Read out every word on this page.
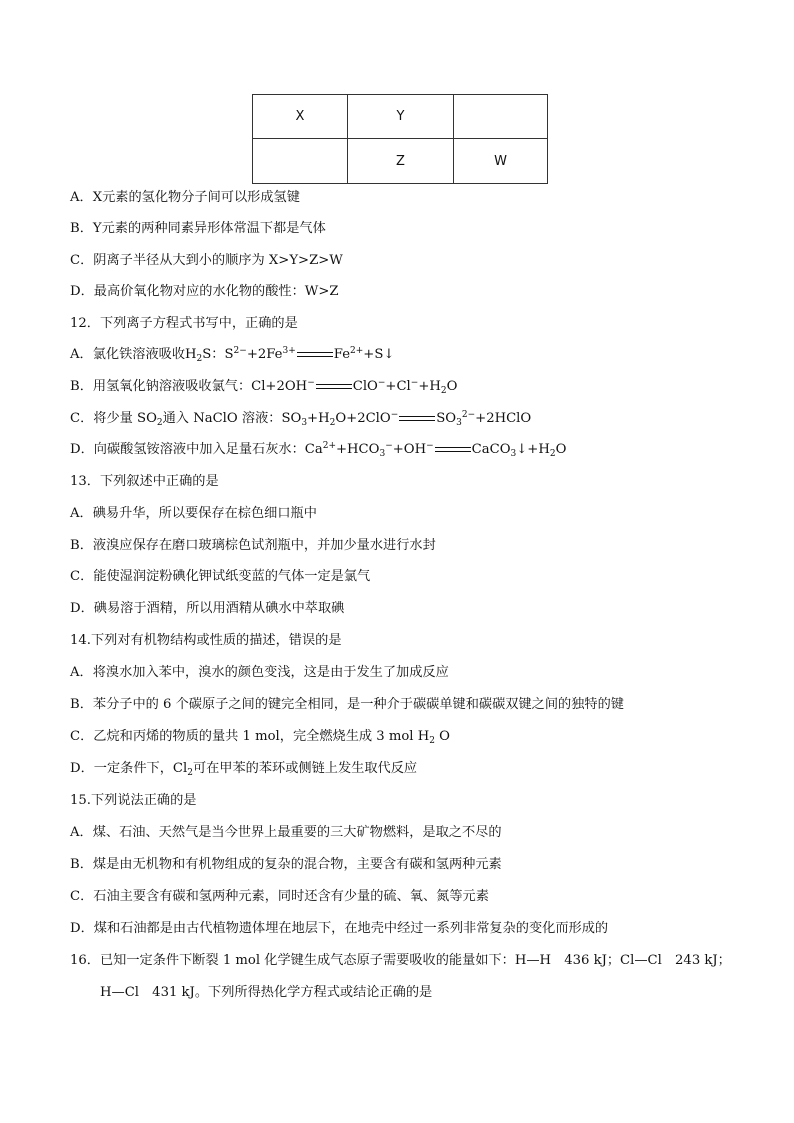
X	Y	
	Z	W
A．X元素的氢化物分子间可以形成氢键
B．Y元素的两种同素异形体常温下都是气体
C．阴离子半径从大到小的顺序为 X>Y>Z>W
D．最高价氧化物对应的水化物的酸性：W>Z
12．下列离子方程式书写中，正确的是
A．氯化铁溶液吸收$H_2S$：$S^{2-}+2Fe^{3+}$	$Fe^{2+}+S↓$
B．用氢氧化钠溶液吸收氯气：Cl+2OH−	$ClO^-+Cl^-+H_2O$
C．将少量 $SO_2$通入 NaClO 溶液：$SO_3+H_2O+2ClO^-$	$SO_3^{2-}+2HClO$
D．向碳酸氢铵溶液中加入足量石灰水：$Ca^{2+}+HCO_3^-+OH^-$	$CaCO_3↓+H_2O$
13．下列叙述中正确的是
A．碘易升华，所以要保存在棕色细口瓶中
B．液溴应保存在磨口玻璃棕色试剂瓶中，并加少量水进行水封
C．能使湿润淀粉碘化钾试纸变蓝的气体一定是氯气
D．碘易溶于酒精，所以用酒精从碘水中萃取碘
14.下列对有机物结构或性质的描述，错误的是
A．将溴水加入苯中，溴水的颜色变浅，这是由于发生了加成反应
B．苯分子中的 6 个碳原子之间的键完全相同，是一种介于碳碳单键和碳碳双键之间的独特的键
C．乙烷和丙烯的物质的量共 1 mol，完全燃烧生成 3 mol $H_2$ O
D．一定条件下，$Cl_2$可在甲苯的苯环或侧链上发生取代反应
15.下列说法正确的是
A．煤、石油、天然气是当今世界上最重要的三大矿物燃料，是取之不尽的
B．煤是由无机物和有机物组成的复杂的混合物，主要含有碳和氢两种元素
C．石油主要含有碳和氢两种元素，同时还含有少量的硫、氧、氮等元素
D．煤和石油都是由古代植物遗体埋在地层下，在地壳中经过一系列非常复杂的变化而形成的
16．已知一定条件下断裂 1 mol 化学键生成气态原子需要吸收的能量如下：H—H　436 kJ；Cl—Cl　243 kJ；
H—Cl　431 kJ。下列所得热化学方程式或结论正确的是
